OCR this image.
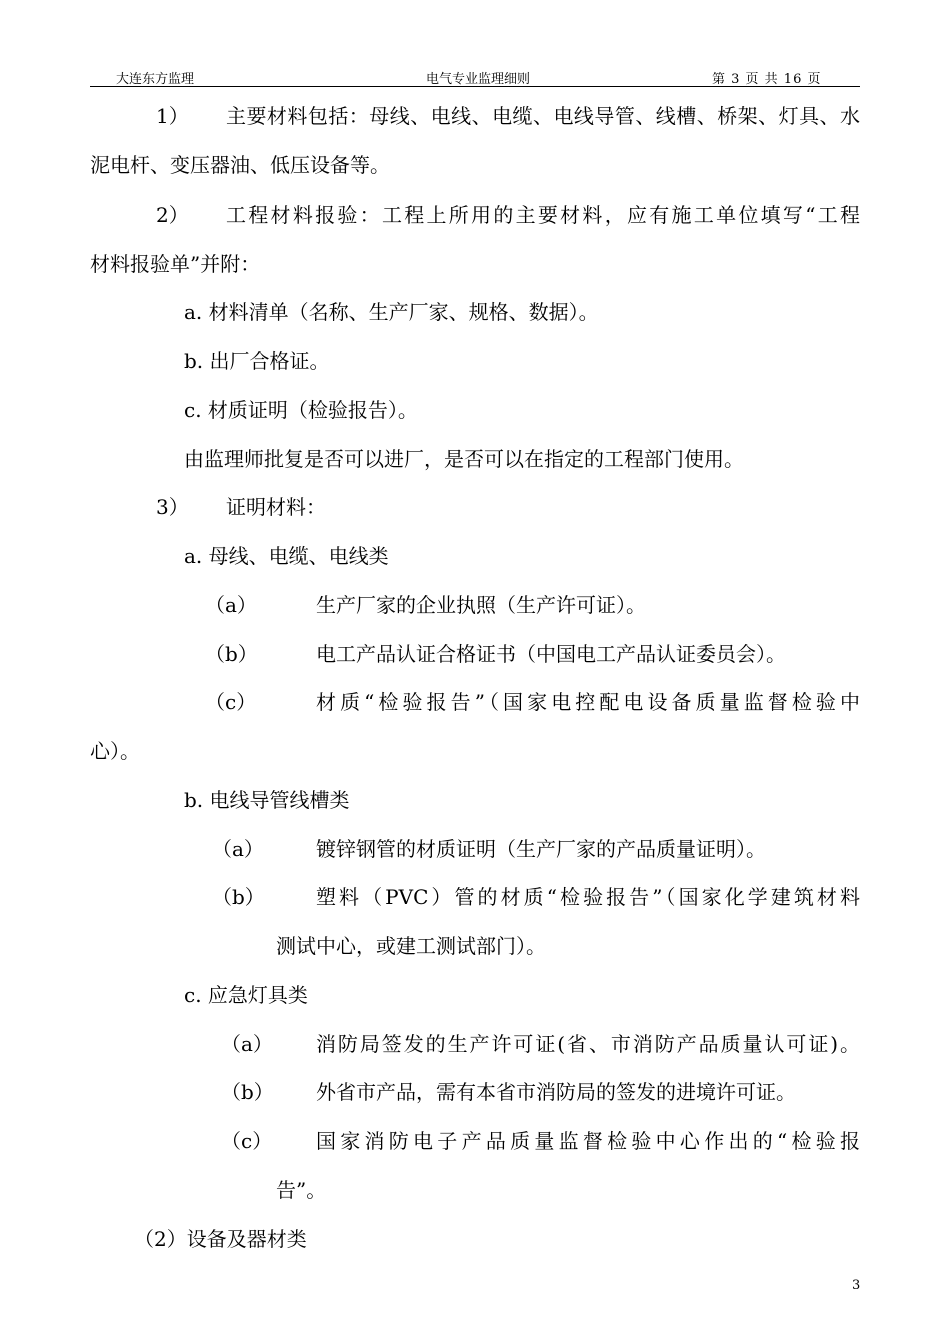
大连东方监理	电气专业监理细则	第 3 页 共 16 页
1） 主要材料包括：母线、电线、电缆、电线导管、线槽、桥架、灯具、水
泥电杆、变压器油、低压设备等。
2） 工程材料报验：工程上所用的主要材料，应有施工单位填写“工程
材料报验单”并附：
a. 材料清单（名称、生产厂家、规格、数据）。
b. 出厂合格证。
c. 材质证明（检验报告）。
由监理师批复是否可以进厂，是否可以在指定的工程部门使用。
3） 证明材料：
a. 母线、电缆、电线类
（a）	生产厂家的企业执照（生产许可证）。
（b）	电工产品认证合格证书（中国电工产品认证委员会）。
（c）	材质“检验报告”（国家电控配电设备质量监督检验中
心）。
b. 电线导管线槽类
（a）	镀锌钢管的材质证明（生产厂家的产品质量证明）。
（b）	塑料（PVC）管的材质“检验报告”（国家化学建筑材料
测试中心，或建工测试部门）。
c. 应急灯具类
（a） 消防局签发的生产许可证(省、市消防产品质量认可证)。
（b） 外省市产品，需有本省市消防局的签发的进境许可证。
（c） 国家消防电子产品质量监督检验中心作出的“检验报
告”。
（2）设备及器材类
3
